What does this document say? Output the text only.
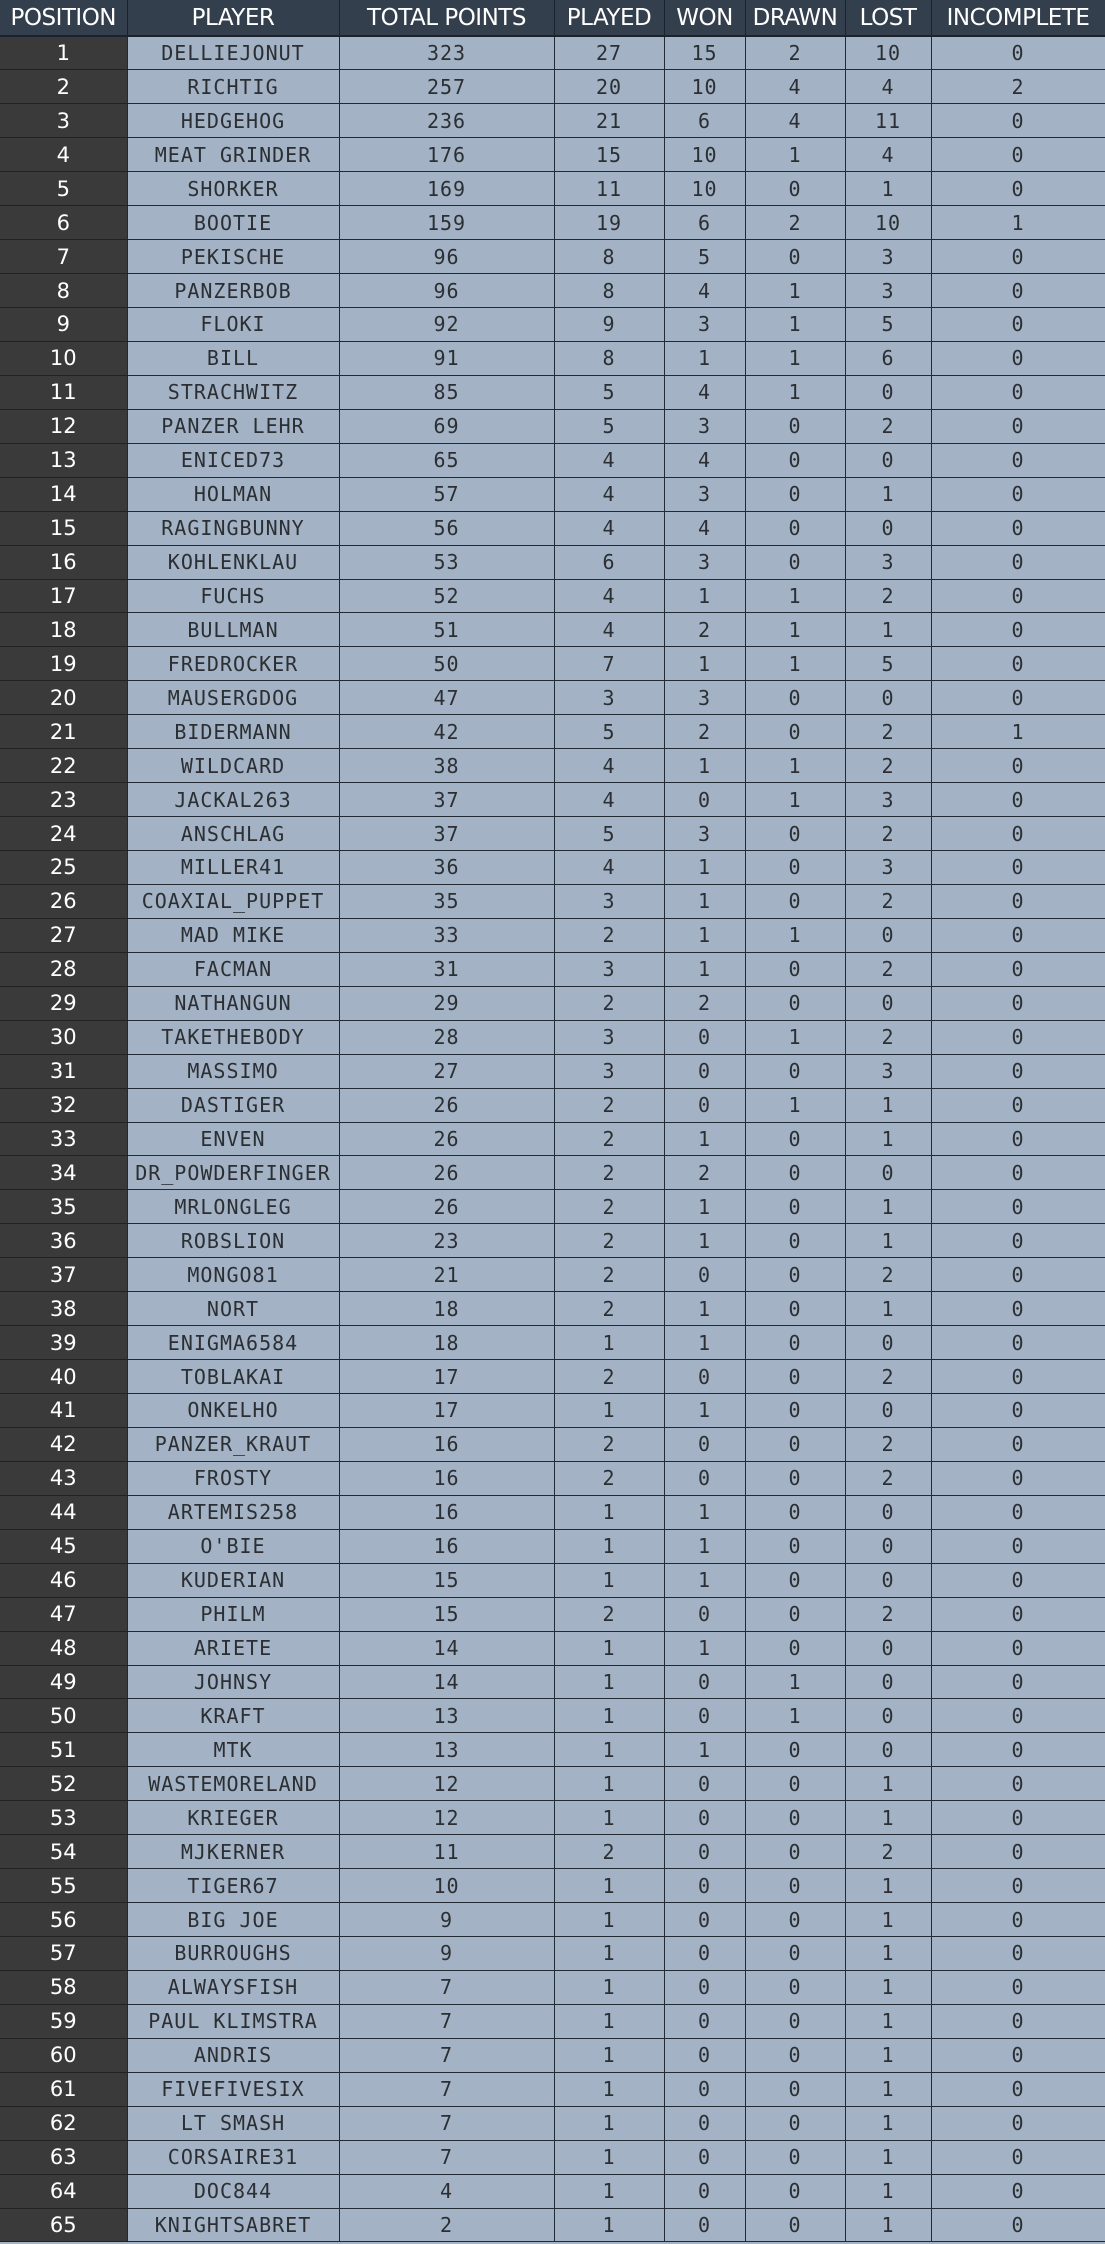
POSITION	PLAYER	TOTAL POINTS	PLAYED	WON	DRAWN	LOST	INCOMPLETE
1	DELLIEJONUT	323	27	15	2	10	0
2	RICHTIG	257	20	10	4	4	2
3	HEDGEHOG	236	21	6	4	11	0
4	MEAT GRINDER	176	15	10	1	4	0
5	SHORKER	169	11	10	0	1	0
6	BOOTIE	159	19	6	2	10	1
7	PEKISCHE	96	8	5	0	3	0
8	PANZERBOB	96	8	4	1	3	0
9	FLOKI	92	9	3	1	5	0
10	BILL	91	8	1	1	6	0
11	STRACHWITZ	85	5	4	1	0	0
12	PANZER LEHR	69	5	3	0	2	0
13	ENICED73	65	4	4	0	0	0
14	HOLMAN	57	4	3	0	1	0
15	RAGINGBUNNY	56	4	4	0	0	0
16	KOHLENKLAU	53	6	3	0	3	0
17	FUCHS	52	4	1	1	2	0
18	BULLMAN	51	4	2	1	1	0
19	FREDROCKER	50	7	1	1	5	0
20	MAUSERGDOG	47	3	3	0	0	0
21	BIDERMANN	42	5	2	0	2	1
22	WILDCARD	38	4	1	1	2	0
23	JACKAL263	37	4	0	1	3	0
24	ANSCHLAG	37	5	3	0	2	0
25	MILLER41	36	4	1	0	3	0
26	COAXIAL_PUPPET	35	3	1	0	2	0
27	MAD MIKE	33	2	1	1	0	0
28	FACMAN	31	3	1	0	2	0
29	NATHANGUN	29	2	2	0	0	0
30	TAKETHEBODY	28	3	0	1	2	0
31	MASSIMO	27	3	0	0	3	0
32	DASTIGER	26	2	0	1	1	0
33	ENVEN	26	2	1	0	1	0
34	DR_POWDERFINGER	26	2	2	0	0	0
35	MRLONGLEG	26	2	1	0	1	0
36	ROBSLION	23	2	1	0	1	0
37	MONGO81	21	2	0	0	2	0
38	NORT	18	2	1	0	1	0
39	ENIGMA6584	18	1	1	0	0	0
40	TOBLAKAI	17	2	0	0	2	0
41	ONKELHO	17	1	1	0	0	0
42	PANZER_KRAUT	16	2	0	0	2	0
43	FROSTY	16	2	0	0	2	0
44	ARTEMIS258	16	1	1	0	0	0
45	O'BIE	16	1	1	0	0	0
46	KUDERIAN	15	1	1	0	0	0
47	PHILM	15	2	0	0	2	0
48	ARIETE	14	1	1	0	0	0
49	JOHNSY	14	1	0	1	0	0
50	KRAFT	13	1	0	1	0	0
51	MTK	13	1	1	0	0	0
52	WASTEMORELAND	12	1	0	0	1	0
53	KRIEGER	12	1	0	0	1	0
54	MJKERNER	11	2	0	0	2	0
55	TIGER67	10	1	0	0	1	0
56	BIG JOE	9	1	0	0	1	0
57	BURROUGHS	9	1	0	0	1	0
58	ALWAYSFISH	7	1	0	0	1	0
59	PAUL KLIMSTRA	7	1	0	0	1	0
60	ANDRIS	7	1	0	0	1	0
61	FIVEFIVESIX	7	1	0	0	1	0
62	LT SMASH	7	1	0	0	1	0
63	CORSAIRE31	7	1	0	0	1	0
64	DOC844	4	1	0	0	1	0
65	KNIGHTSABRET	2	1	0	0	1	0
